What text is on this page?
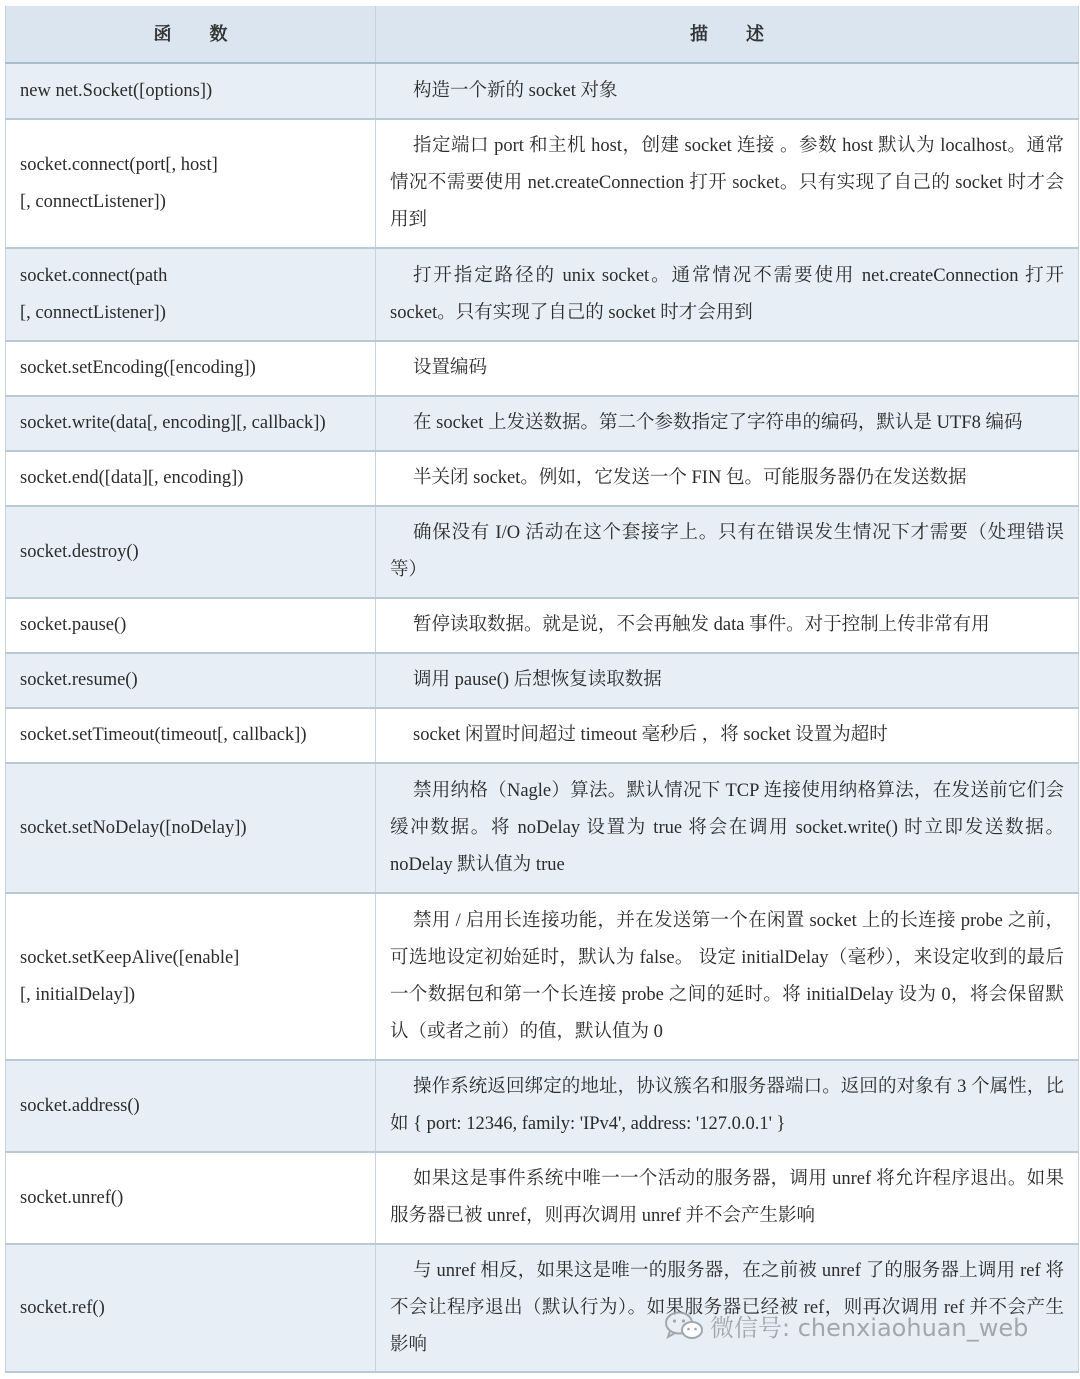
函数	描述
new net.Socket([options])	构造一个新的 socket 对象
socket.connect(port[, host]
[, connectListener])	指定端口 port 和主机 host，创建 socket 连接 。参数 host 默认为 localhost。通常情况不需要使用 net.createConnection 打开 socket。只有实现了自己的 socket 时才会用到
socket.connect(path
[, connectListener])	打开指定路径的 unix socket。通常情况不需要使用 net.createConnection 打开 socket。只有实现了自己的 socket 时才会用到
socket.setEncoding([encoding])	设置编码
socket.write(data[, encoding][, callback])	在 socket 上发送数据。第二个参数指定了字符串的编码，默认是 UTF8 编码
socket.end([data][, encoding])	半关闭 socket。例如，它发送一个 FIN 包。可能服务器仍在发送数据
socket.destroy()	确保没有 I/O 活动在这个套接字上。只有在错误发生情况下才需要（处理错误等）
socket.pause()	暂停读取数据。就是说，不会再触发 data 事件。对于控制上传非常有用
socket.resume()	调用 pause() 后想恢复读取数据
socket.setTimeout(timeout[, callback])	socket 闲置时间超过 timeout 毫秒后 ，将 socket 设置为超时
socket.setNoDelay([noDelay])	禁用纳格（Nagle）算法。默认情况下 TCP 连接使用纳格算法，在发送前它们会缓冲数据。将 noDelay 设置为 true 将会在调用 socket.write() 时立即发送数据。noDelay 默认值为 true
socket.setKeepAlive([enable]
[, initialDelay])	禁用 / 启用长连接功能，并在发送第一个在闲置 socket 上的长连接 probe 之前，可选地设定初始延时，默认为 false。 设定 initialDelay（毫秒），来设定收到的最后一个数据包和第一个长连接 probe 之间的延时。将 initialDelay 设为 0，将会保留默认（或者之前）的值，默认值为 0
socket.address()	操作系统返回绑定的地址，协议簇名和服务器端口。返回的对象有 3 个属性，比如 { port: 12346, family: 'IPv4', address: '127.0.0.1' }
socket.unref()	如果这是事件系统中唯一一个活动的服务器，调用 unref 将允许程序退出。如果服务器已被 unref，则再次调用 unref 并不会产生影响
socket.ref()	与 unref 相反，如果这是唯一的服务器，在之前被 unref 了的服务器上调用 ref 将不会让程序退出（默认行为）。如果服务器已经被 ref，则再次调用 ref 并不会产生影响
微信号: chenxiaohuan_web
